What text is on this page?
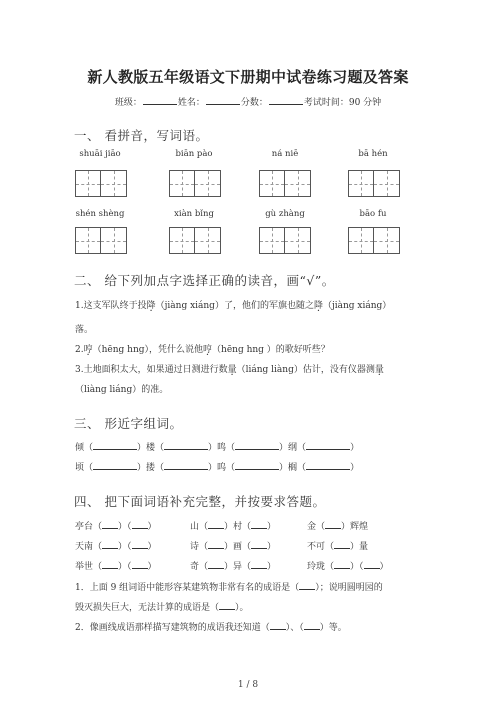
新人教版五年级语文下册期中试卷练习题及答案
班级：	姓名：	分数：	考试时间：90 分钟
一、 看拼音，写词语。
shuāi jiāo	biān pào	ná niē	bā hén
shén shèng	xiàn bǐng	gù zhàng	bāo fu
二、 给下列加点字选择正确的读音，画“√”。
1.这支军队终于投降（jiàng xiáng）了，他们的军旗也随之降（jiàng xiáng）
落。
2.哼（hēng hng），凭什么说他哼（hēng hng ）的歌好听些？
3.土地面积太大，如果通过日测进行数量（liáng liàng）估计，没有仪器测量
（liàng liáng）的准。
三、 形近字组词。
倾（	）楼（	）鸣（	）纲（	）
顷（	）搂（	）呜（	）榈（	）
四、 把下面词语补充完整，并按要求答题。
亭台（ ）（ ）	山（ ）村（ ）	金（ ）辉煌
天南（ ）（ ）	诗（ ）画（ ）	不可（ ）量
举世（ ）（ ）	奇（ ）异（ ）	玲珑（ ）（ ）
1．上面 9 组词语中能形容某建筑物非常有名的成语是（ ）；说明圆明园的
毁灭损失巨大，无法计算的成语是（ ）。
2．像画线成语那样描写建筑物的成语我还知道（ ）、（ ）等。
1 / 8
